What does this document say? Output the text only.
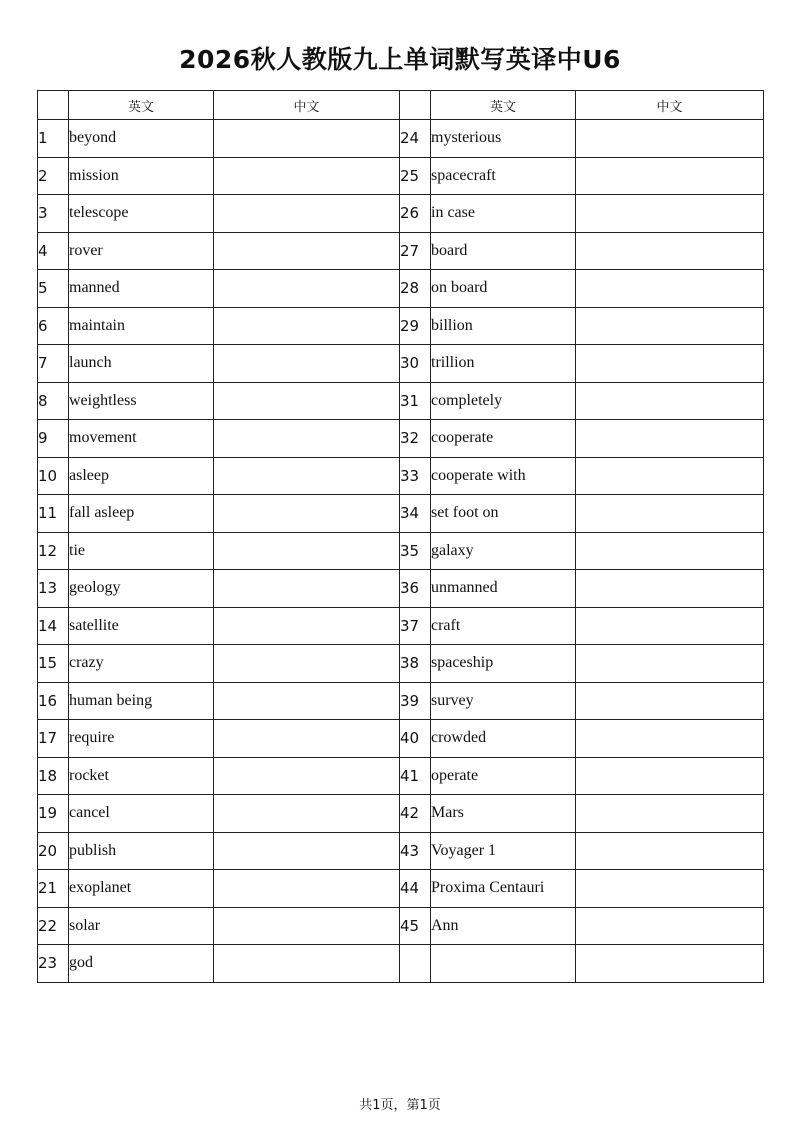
2026秋人教版九上单词默写英译中U6
	英文	中文		英文	中文
1	beyond		24	mysterious	
2	mission		25	spacecraft	
3	telescope		26	in case	
4	rover		27	board	
5	manned		28	on board	
6	maintain		29	billion	
7	launch		30	trillion	
8	weightless		31	completely	
9	movement		32	cooperate	
10	asleep		33	cooperate with	
11	fall asleep		34	set foot on	
12	tie		35	galaxy	
13	geology		36	unmanned	
14	satellite		37	craft	
15	crazy		38	spaceship	
16	human being		39	survey	
17	require		40	crowded	
18	rocket		41	operate	
19	cancel		42	Mars	
20	publish		43	Voyager 1	
21	exoplanet		44	Proxima Centauri	
22	solar		45	Ann	
23	god				
共1页，第1页
